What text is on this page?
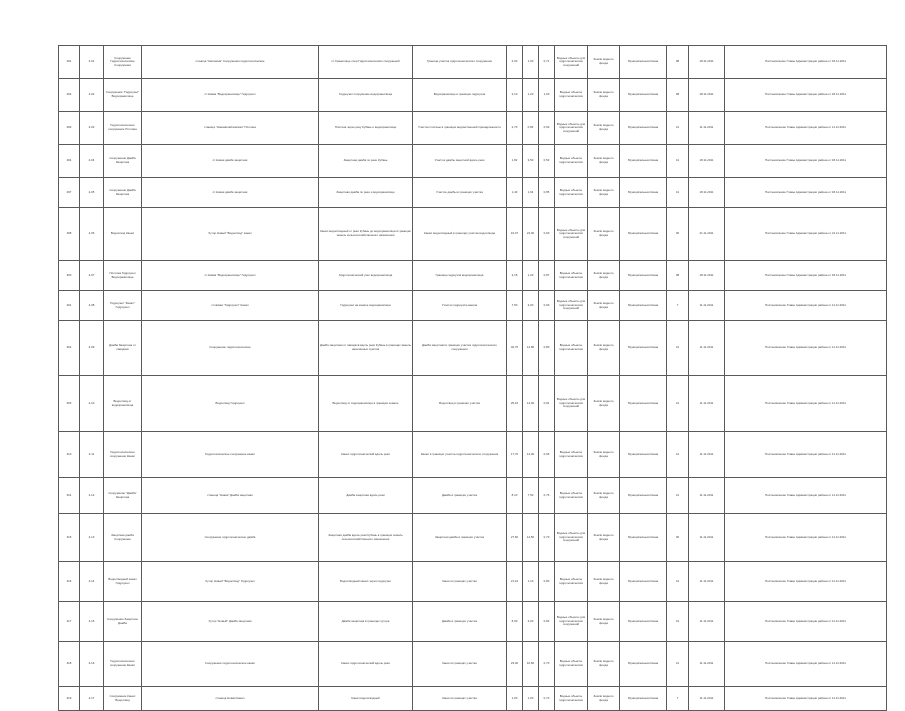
291	4-01	Сооружение Гидротехнические Сооружения	станица "Калинина" Сооружения гидротехнические	гл.Хранилище соор.Гидротехнических сооружений	Граница участка гидротехнического сооружения	2,00	1,00	0,71	Водные объекты для гидротехнических сооружений	Земли водного фонда	Муниципальная Казна	38	18.11.2011	Постановление Главы Администрации района от 18.11.2011
292	4-02	Сооружение "Гидроузел" Водохранилище	ст.Новая "Водохранилище" Гидроузел	Гидроузел сооружение водохранилища	Водохранилище в границах гидроузла	3,10	1,20	1,00	Водные объекты гидротехнических	Земли водного фонда	Муниципальная Казна	38	18.11.2011	Постановление Главы Администрации района от 18.11.2011
293	4-03	Гидротехническое сооружение Плотина	станица "Новомихайловская" Плотина	Плотина через реку Кубань и водохранилище	Участок плотины в границах ведомственной принадлежности	2,70	0,84	0,93	Водные объекты для гидротехнических сооружений	Земли водного фонда	Муниципальная Казна	41	11.11.2011	Постановление Главы Администрации района от 11.11.2011
294	4-04	Сооружение Дамба Защитная	ст.Новая дамба защитная	Защитная дамба по реке Кубань	Участок дамбы защитной вдоль реки	1,82	3,50	0,53	Водные объекты гидротехнических	Земли водного фонда	Муниципальная Казна	41	18.11.2011	Постановление Главы Администрации района от 18.11.2011
297	4-05	Сооружение Дамба Защитная	ст.Новая дамба защитная	Защитная дамба по реке и водохранилище	Участок дамбы в границах участка	1,40	1,64	0,85	Водные объекты гидротехнических	Земли водного фонда	Муниципальная Казна	41	18.11.2011	Постановление Главы Администрации района от 18.11.2011
298	4-06	Водоотвод Канал	Хутор Новый "Водоотвод" канал	Канал водоотводный от реки Кубань до водохранилища в границах земель сельскохозяйственного назначения	Канал водоотводный в границах участка водоотвода	16,07	24,30	0,60	Водные объекты для гидротехнических сооружений	Земли водного фонда	Муниципальная Казна	30	21.11.2011	Постановление Главы Администрации района от 21.11.2011
300	4-07	Плотина Гидроузел Водохранилище	ст.Новая "Водохранилище" Гидроузел	Гидротехнический узел водохранилища	Граница гидроузла водохранилища	3,15	1,20	0,87	Водные объекты гидротехнических	Земли водного фонда	Муниципальная Казна	38	18.11.2011	Постановление Главы Администрации района от 18.11.2011
301	4-08	Гидроузел "Канал" Гидроузел	ст.Новая "Гидроузел" Канал	Гидроузел на канале водохранилища	Участок гидроузла канала	7,50	3,00	0,93	Водные объекты для гидротехнических сооружений	Земли водного фонда	Муниципальная Казна	7	11.11.2011	Постановление Главы Администрации района от 11.11.2011
302	4-09	Дамба Защитная от паводков	Сооружение гидротехническое	Дамба защитная от паводков вдоль реки Кубань в границах земель населённых пунктов	Дамба защитная в границах участка гидротехнического сооружения	46,70	12,80	0,80	Водные объекты гидротехнических	Земли водного фонда	Муниципальная Казна	31	11.11.2011	Постановление Главы Администрации района от 11.11.2011
303	4-10	Водоотвод от водохранилища	Водоотвод Гидроузел	Водоотвод от водохранилища в границах земель	Водоотвод в границах участка	25,10	14,00	0,81	Водные объекты для гидротехнических сооружений	Земли водного фонда	Муниципальная Казна	41	11.11.2011	Постановление Главы Администрации района от 11.11.2011
310	4-11	Гидротехническое сооружение Канал	Гидротехническое сооружение канал	Канал гидротехнический вдоль реки	Канал в границах участка гидротехнического сооружения	17,70	14,00	0,66	Водные объекты гидротехнических	Земли водного фонда	Муниципальная Казна	41	11.11.2011	Постановление Главы Администрации района от 11.11.2011
314	4-12	Сооружение "Дамба" Защитная	станица "Новая" Дамба защитная	Дамба защитная вдоль реки	Дамба в границах участка	8,10	7,50	0,76	Водные объекты гидротехнических	Земли водного фонда	Муниципальная Казна	41	11.11.2011	Постановление Главы Администрации района от 11.11.2011
315	4-13	Защитная дамба Сооружение	Сооружение гидротехническое дамба	Защитная дамба вдоль реки Кубань в границах земель сельскохозяйственного назначения	Защитная дамба в границах участка	27,60	14,50	0,70	Водные объекты для гидротехнических сооружений	Земли водного фонда	Муниципальная Казна	30	11.11.2011	Постановление Главы Администрации района от 11.11.2011
316	4-14	Водоотводный канал Гидроузел	Хутор Новый "Водоотвод" Гидроузел	Водоотводный канал через гидроузел	Канал в границах участка	21,10	1,10	0,80	Водные объекты гидротехнических	Земли водного фонда	Муниципальная Казна	41	11.11.2011	Постановление Главы Администрации района от 11.11.2011
317	4-15	Сооружение Защитное Дамба	Хутор "Новый" Дамба защитная	Дамба защитная в границах хутора	Дамба в границах участка	8,00	3,20	0,82	Водные объекты для гидротехнических сооружений	Земли водного фонда	Муниципальная Казна	31	11.11.2011	Постановление Главы Администрации района от 11.11.2011
318	4-16	Гидротехническое сооружение Канал	Сооружение гидротехническое канал	Канал гидротехнический вдоль реки	Канал в границах участка	23,40	10,60	0,70	Водные объекты гидротехнических	Земли водного фонда	Муниципальная Казна	41	11.11.2011	Постановление Главы Администрации района от 11.11.2011
319	4-17	Сооружение Канал Водоотвод	станица Новая Канал	Канал водоотводный	Канал в границах участка	1,00	1,00	0,70	Водные объекты гидротехнических	Земли водного фонда	Муниципальная Казна	7	11.11.2011	Постановление Главы Администрации района от 11.11.2011
